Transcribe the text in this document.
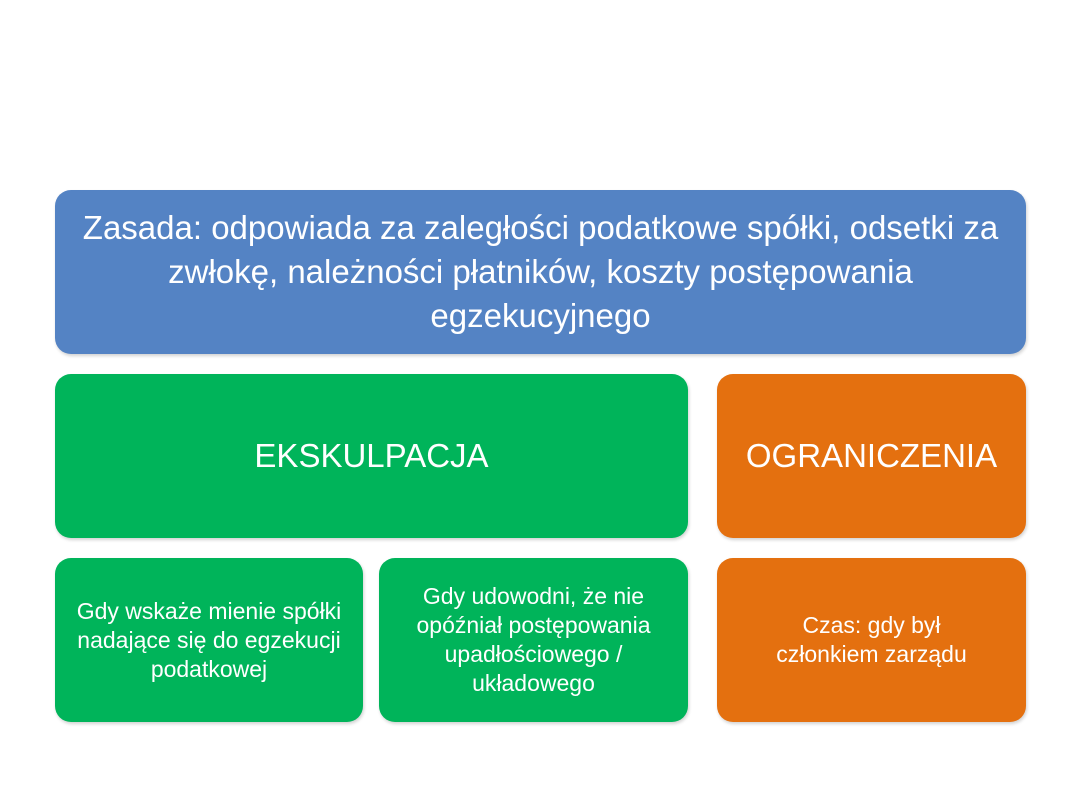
Zasada: odpowiada za zaległości podatkowe spółki, odsetki za zwłokę, należności płatników, koszty postępowania egzekucyjnego
EKSKULPACJA	OGRANICZENIA
Gdy wskaże mienie spółki nadające się do egzekucji podatkowej
Gdy udowodni, że nie opóźniał postępowania upadłościowego / układowego
Czas: gdy był członkiem zarządu
